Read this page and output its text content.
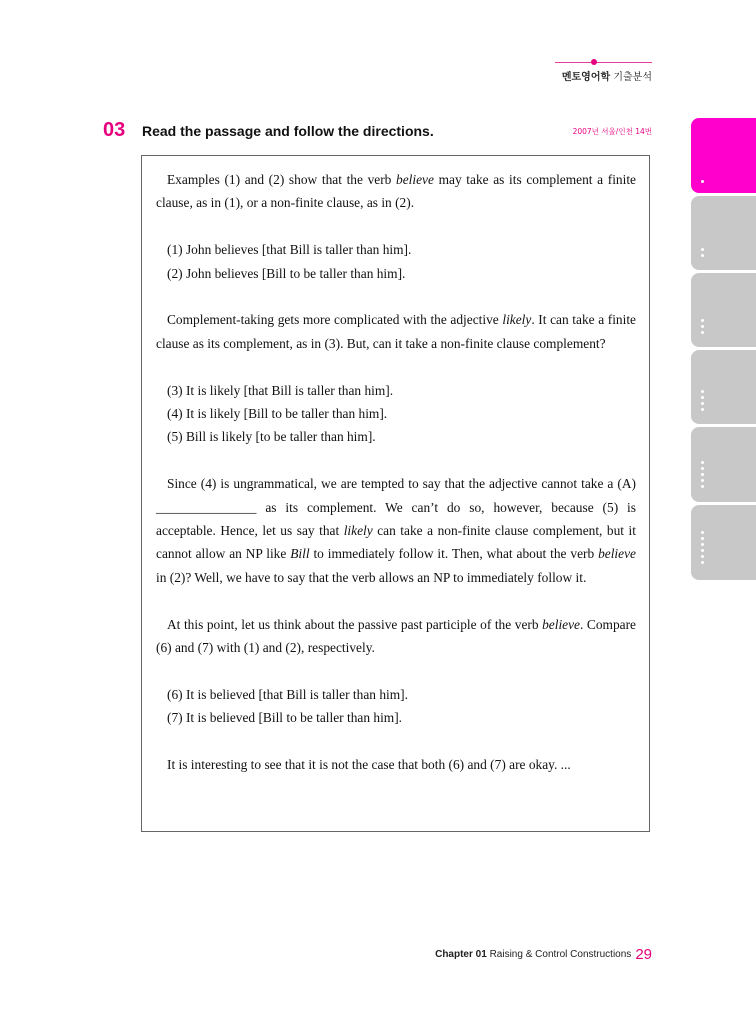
멘토영어학 기출분석
03 Read the passage and follow the directions.	2007년 서울/인천 14번

Examples (1) and (2) show that the verb believe may take as its complement a finite clause, as in (1), or a non-finite clause, as in (2).

(1) John believes [that Bill is taller than him].

(2) John believes [Bill to be taller than him].

Complement-taking gets more complicated with the adjective likely. It can take a finite clause as its complement, as in (3). But, can it take a non-finite clause complement?

(3) It is likely [that Bill is taller than him].

(4) It is likely [Bill to be taller than him].

(5) Bill is likely [to be taller than him].

Since (4) is ungrammatical, we are tempted to say that the adjective cannot take a (A) _______________ as its complement. We can’t do so, however, because (5) is acceptable. Hence, let us say that likely can take a non-finite clause complement, but it cannot allow an NP like Bill to immediately follow it. Then, what about the verb believe in (2)? Well, we have to say that the verb allows an NP to immediately follow it.

At this point, let us think about the passive past participle of the verb believe. Compare (6) and (7) with (1) and (2), respectively.

(6) It is believed [that Bill is taller than him].

(7) It is believed [Bill to be taller than him].

It is interesting to see that it is not the case that both (6) and (7) are okay. ...

Chapter 01 Raising & Control Constructions 29
